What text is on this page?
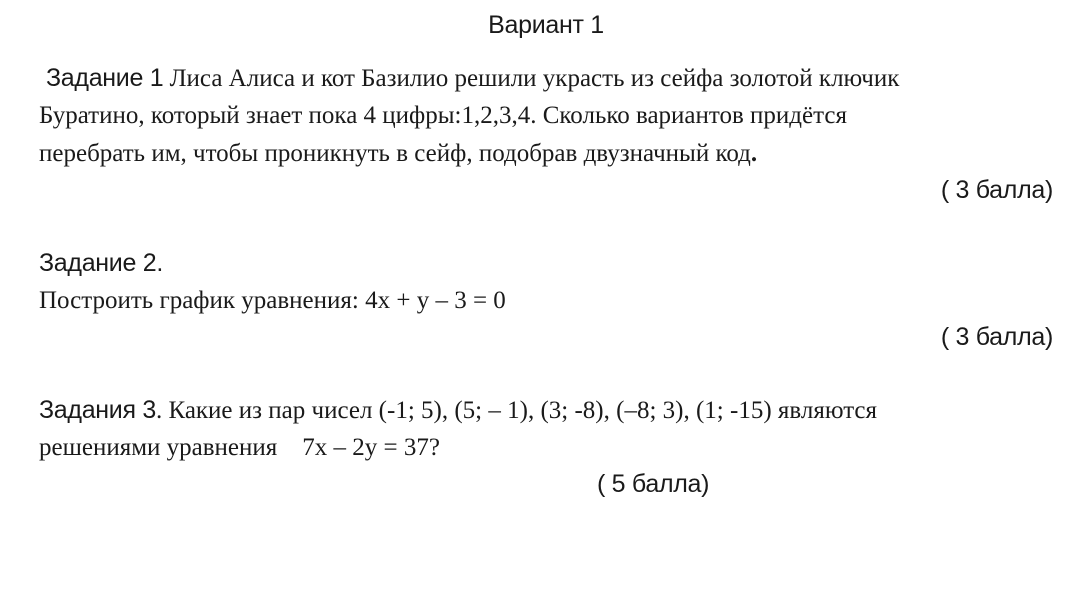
Вариант 1
Задание 1 Лиса Алиса и кот Базилио решили украсть из сейфа золотой ключик
Буратино, который знает пока 4 цифры:1,2,3,4. Сколько вариантов придётся
перебрать им, чтобы проникнуть в сейф, подобрав двузначный код.
( 3 балла)
Задание 2.
Построить график уравнения: 4х + у – 3 = 0
( 3 балла)
Задания 3. Какие из пар чисел (-1; 5), (5; – 1), (3; -8), (–8; 3), (1; -15) являются
решениями уравнения    7х – 2у = 37?
( 5 балла)
